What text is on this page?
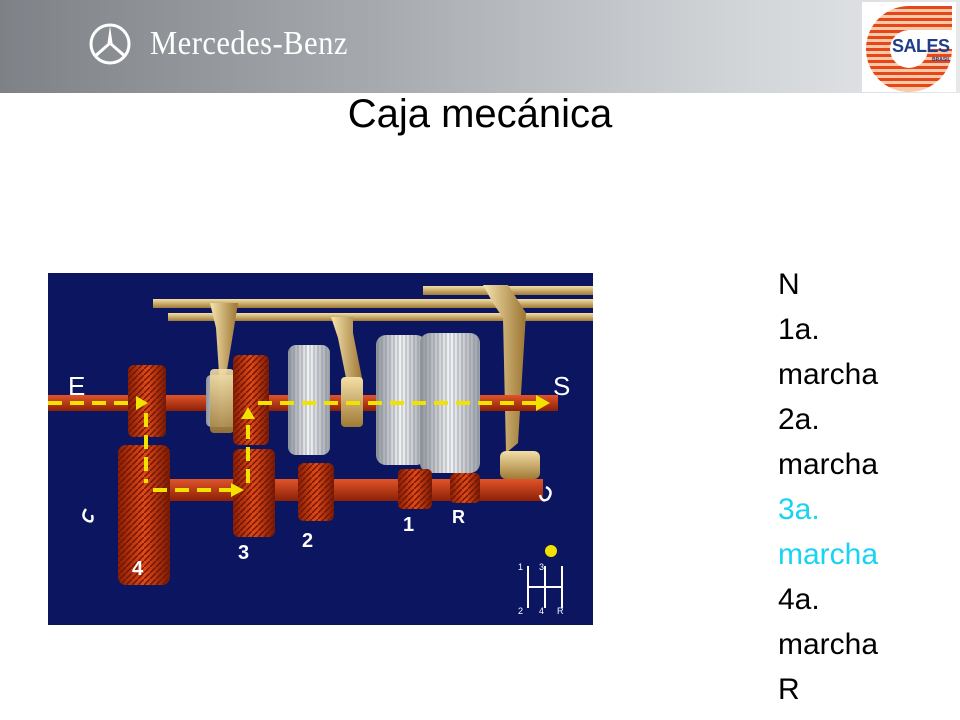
Mercedes-Benz	SALES
BRASIL
Caja mecánica
E	S
4
3
2
1 R
1 3
2 4 R
N
1a.
marcha
2a.
marcha
3a.
marcha
4a.
marcha
R
